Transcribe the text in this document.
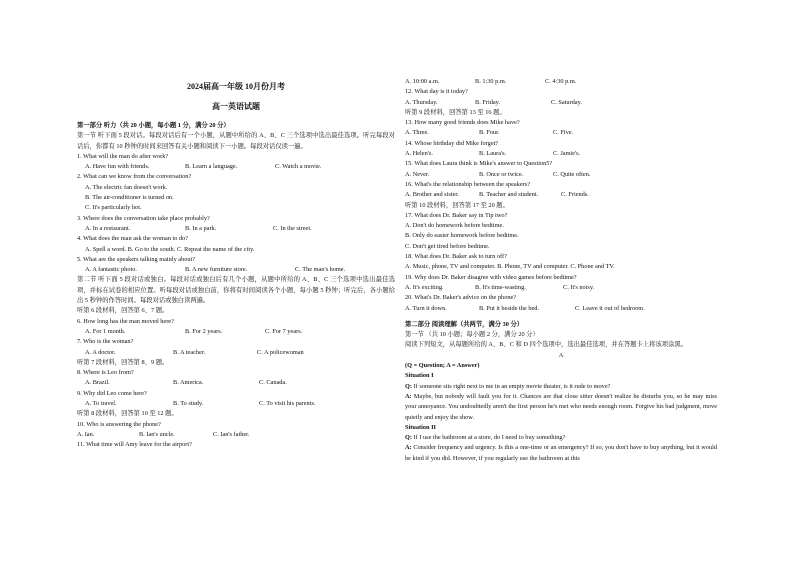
2024届高一年级 10月份月考
高一英语试题
第一部分 听力（共 20 小题，每小题 1 分，满分 20 分）
第一节 听下面 5 段对话。每段对话后有一个小题，从题中所给的 A、B、C 三个选项中选出最佳选项。听完每段对话后，你都有 10 秒钟的时间来回答有关小题和阅读下一小题。每段对话仅读一遍。
1. What will the man do after work?
A. Have fun with friends.	B. Learn a language.	C. Watch a movie.
2. What can we know from the conversation?
A. The electric fan doesn't work.
B. The air-conditioner is turned on.
C. It's particularly hot.
3. Where does the conversation take place probably?
A. In a restaurant.	B. In a park.	C. In the street.
4. What does the man ask the woman to do?
A. Spell a word. B. Go to the south. C. Repeat the name of the city.
5. What are the speakers talking mainly about?
A. A fantastic photo.	B. A new furniture store.	C. The man's home.
第二节 听下面 5 段对话或独白。每段对话或独白后有几个小题，从题中所给的 A、B、C 三个选项中选出最佳选项，并标在试卷的相应位置。听每段对话或独白前，你将有时间阅读各个小题，每小题 5 秒钟；听完后，各小题给出 5 秒钟的作答时间。每段对话或独白读两遍。
听第 6 段材料，回答第 6、7 题。
6. How long has the man moved here?
A. For 1 month.	B. For 2 years.	C. For 7 years.
7. Who is the woman?
A. A doctor.	B. A teacher.	C. A policewoman
听第 7 段材料，回答第 8、9 题。
8. Where is Leo from?
A. Brazil.	B. America.	C. Canada.
9. Why did Leo come here?
A. To travel.	B. To study.	C. To visit his parents.
听第 8 段材料，回答第 10 至 12 题。
10. Who is answering the phone?
A. Ian.	B. Ian's uncle.	C. Ian's father.
11. What time will Amy leave for the airport?
A. 10:00 a.m.	B. 1:30 p.m.	C. 4:30 p.m.
12. What day is it today?
A. Thursday.	B. Friday.	C. Saturday.
听第 9 段材料，回答第 13 至 16 题。
13. How many good friends does Mike have?
A. Three.	B. Four.	C. Five.
14. Whose birthday did Mike forget?
A. Helen's.	B. Laura's.	C. Jamie's.
15. What does Laura think is Mike's answer to Question5?
A. Never.	B. Once or twice.	C. Quite often.
16. What's the relationship between the speakers?
A. Brother and sister.	B. Teacher and student.	C. Friends.
听第 10 段材料，回答第 17 至 20 题。
17. What does Dr. Baker say in Tip two?
A. Don't do homework before bedtime.
B. Only do easier homework before bedtime.
C. Don't get tired before bedtime.
18. What does Dr. Baker ask to turn off?
A. Music, phone, TV and computer. B. Phone, TV and computer. C. Phone and TV.
19. Why does Dr. Baker disagree with video games before bedtime?
A. It's exciting.	B. It's time-wasting.	C. It's noisy.
20. What's Dr. Baker's advice on the phone?
A. Turn it down.	B. Put it beside the bed.	C. Leave it out of bedroom.
第二部分 阅读理解（共两节，满分 30 分）
第一节 （共 10 小题；每小题 2 分，满分 20 分）
阅读下列短文，从每题所给的 A、B、C 和 D 四个选项中，选出最佳选项，并在答题卡上将该项涂黑。
A
(Q = Question; A = Answer)
Situation I
Q: If someone sits right next to me in an empty movie theater, is it rude to move?
A: Maybe, but nobody will fault you for it. Chances are that close sitter doesn't realize he disturbs you, so he may miss your annoyance. You undoubtedly aren't the first person he's met who needs enough room. Forgive his bad judgment, move quietly and enjoy the show.
Situation II
Q: If I use the bathroom at a store, do I need to buy something?
A: Consider frequency and urgency. Is this a one-time or an emergency? If so, you don't have to buy anything, but it would be kind if you did. However, if you regularly use the bathroom at this
